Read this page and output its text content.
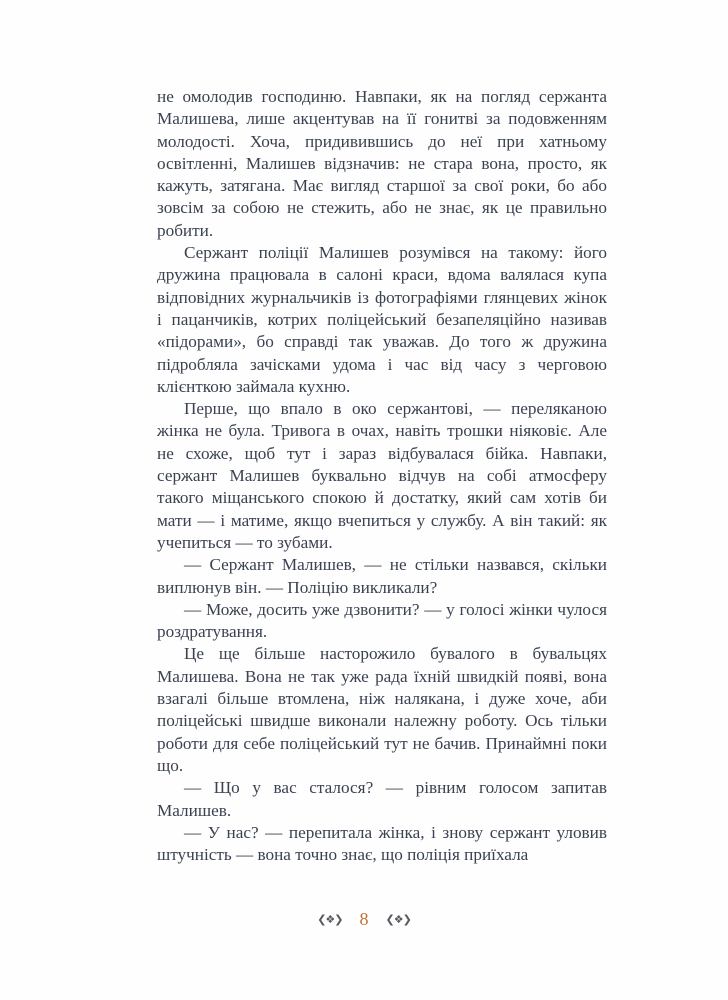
не омолодив господиню. Навпаки, як на погляд сержанта Малишева, лише акцентував на її гонитві за подовженням молодості. Хоча, придивившись до неї при хатньому освітленні, Малишев відзначив: не стара вона, просто, як кажуть, затягана. Має вигляд старшої за свої роки, бо або зовсім за собою не стежить, або не знає, як це правильно робити.

Сержант поліції Малишев розумівся на такому: його дружина працювала в салоні краси, вдома валялася купа відповідних журнальчиків із фотографіями глянцевих жінок і пацанчиків, котрих поліцейський безапеляційно називав «підорами», бо справді так уважав. До того ж дружина підробляла зачісками удома і час від часу з черговою клієнткою займала кухню.

Перше, що впало в око сержантові, — переляканою жінка не була. Тривога в очах, навіть трошки ніяковіє. Але не схоже, щоб тут і зараз відбувалася бійка. Навпаки, сержант Малишев буквально відчув на собі атмосферу такого міщанського спокою й достатку, який сам хотів би мати — і матиме, якщо вчепиться у службу. А він такий: як учепиться — то зубами.

— Сержант Малишев, — не стільки назвався, скільки виплюнув він. — Поліцію викликали?

— Може, досить уже дзвонити? — у голосі жінки чулося роздратування.

Це ще більше насторожило бувалого в бувальцях Малишева. Вона не так уже рада їхній швидкій появі, вона взагалі більше втомлена, ніж налякана, і дуже хоче, аби поліцейські швидше виконали належну роботу. Ось тільки роботи для себе поліцейський тут не бачив. Принаймні поки що.

— Що у вас сталося? — рівним голосом запитав Малишев.

— У нас? — перепитала жінка, і знову сержант уловив штучність — вона точно знає, що поліція приїхала

❮❖❯ 8 ❮❖❯
